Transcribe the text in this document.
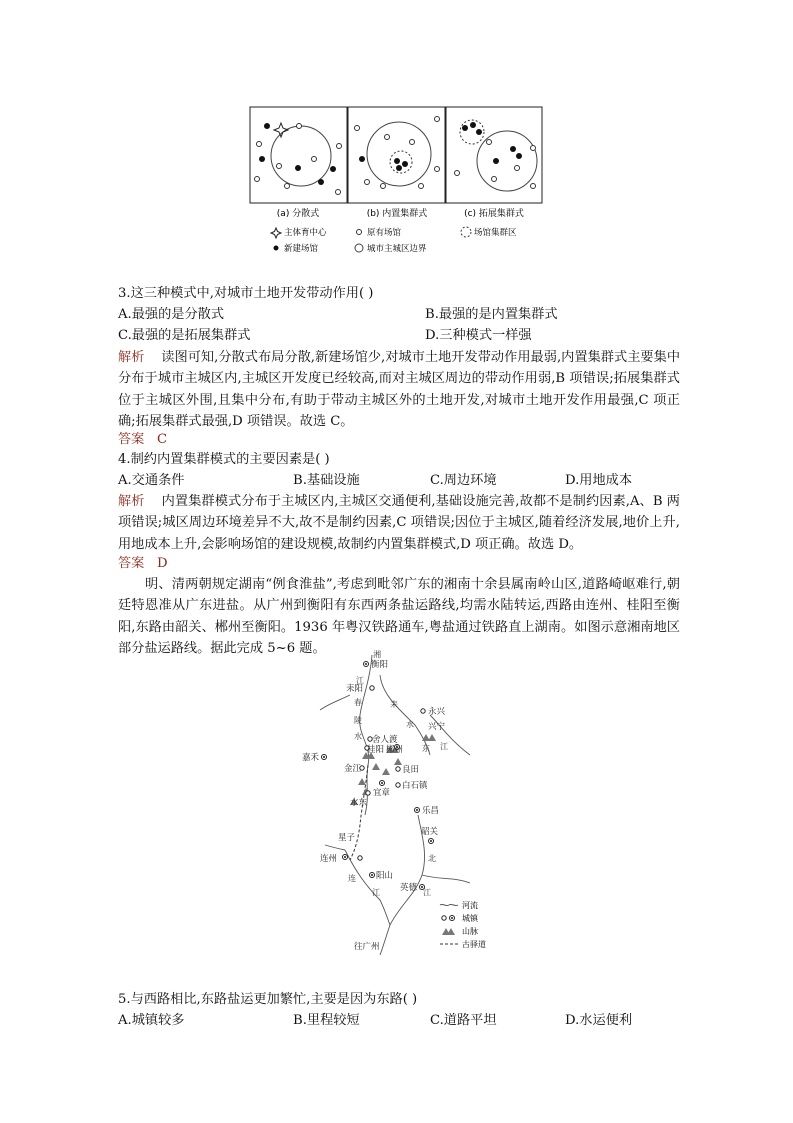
(a) 分散式	(b) 内置集群式	(c) 拓展集群式
主体育中心	原有场馆	场馆集群区
新建场馆	城市主城区边界
3.这三种模式中,对城市土地开发带动作用( )
A.最强的是分散式	B.最强的是内置集群式
C.最强的是拓展集群式	D.三种模式一样强
解析 读图可知,分散式布局分散,新建场馆少,对城市土地开发带动作用最弱,内置集群式主要集中分布于城市主城区内,主城区开发度已经较高,而对主城区周边的带动作用弱,B 项错误;拓展集群式位于主城区外围,且集中分布,有助于带动主城区外的土地开发,对城市土地开发作用最强,C 项正确;拓展集群式最强,D 项错误。故选 C。
答案 C
4.制约内置集群模式的主要因素是( )
A.交通条件	B.基础设施	C.周边环境	D.用地成本
解析 内置集群模式分布于主城区内,主城区交通便利,基础设施完善,故都不是制约因素,A、B 两项错误;城区周边环境差异不大,故不是制约因素,C 项错误;因位于主城区,随着经济发展,地价上升,用地成本上升,会影响场馆的建设规模,故制约内置集群模式,D 项正确。故选 D。
答案 D
明、清两朝规定湖南“例食淮盐”,考虑到毗邻广东的湘南十余县属南岭山区,道路崎岖难行,朝廷特恩准从广东进盐。从广州到衡阳有东西两条盐运路线,均需水陆转运,西路由连州、桂阳至衡阳,东路由韶关、郴州至衡阳。1936 年粤汉铁路通车,粤盐通过铁路直上湖南。如图示意湘南地区部分盐运路线。据此完成 5~6 题。
衡阳
耒阳
永兴
兴宁
舍人渡
桂阳 郴州
嘉禾
金江	良田
宜章
白石镇
水东
乐昌
韶关
星子
连州
阳山
英德
往广州
湘
江
春
陵
水
耒
水
东 江
北
江
连
江
河流
城镇
山脉
古驿道
5.与西路相比,东路盐运更加繁忙,主要是因为东路( )
A.城镇较多	B.里程较短	C.道路平坦	D.水运便利
